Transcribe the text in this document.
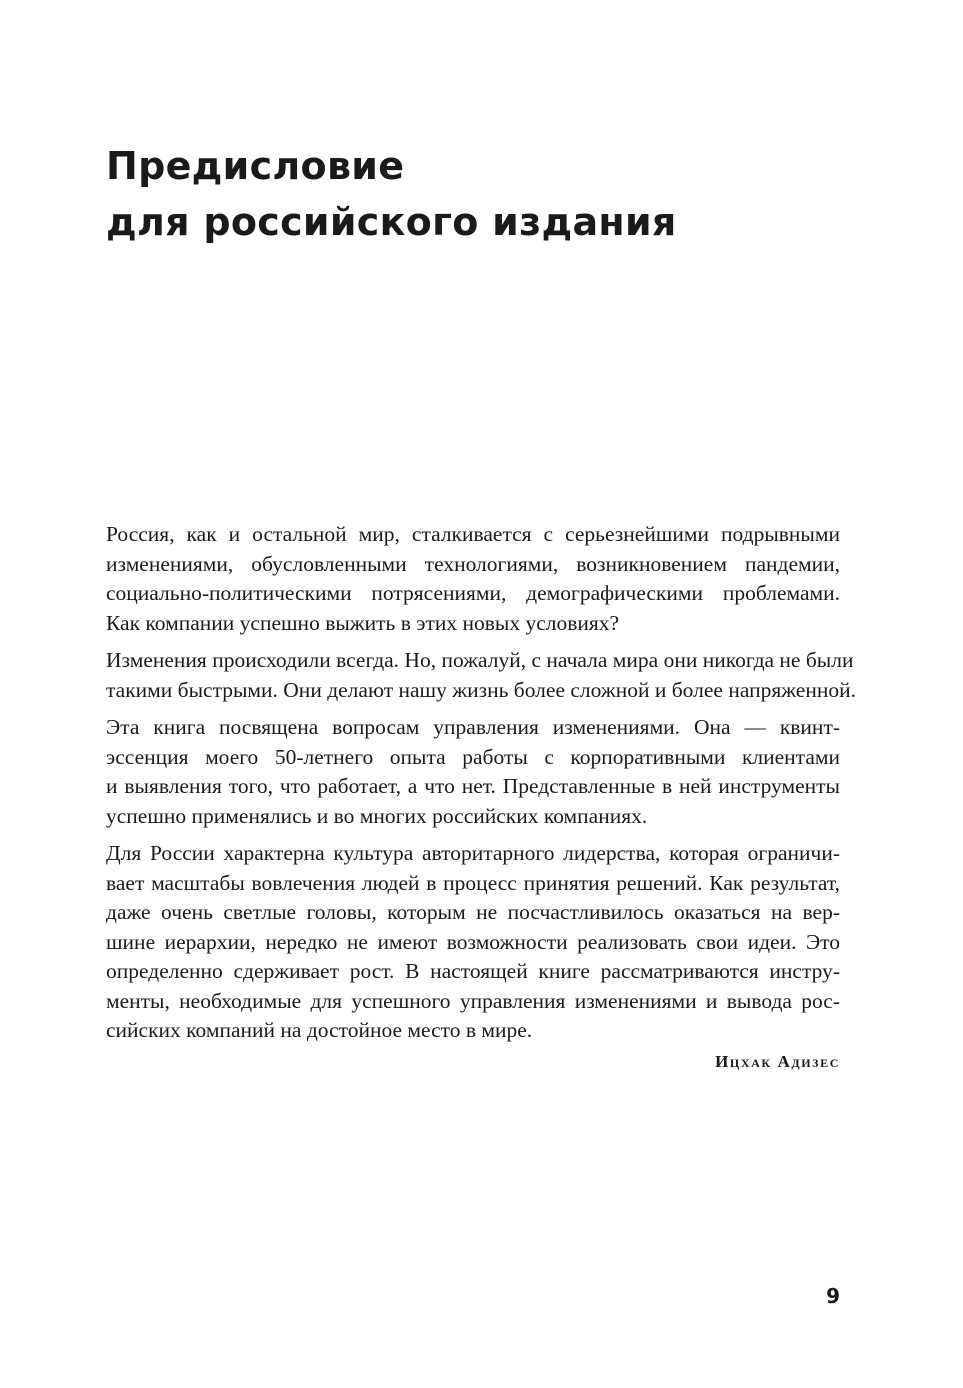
Предисловие
для российского издания

Россия, как и остальной мир, сталкивается с серьезнейшими подрывными
изменениями, обусловленными технологиями, возникновением пандемии,
социально-политическими потрясениями, демографическими проблемами.
Как компании успешно выжить в этих новых условиях?

Изменения происходили всегда. Но, пожалуй, с начала мира они никогда не были
такими быстрыми. Они делают нашу жизнь более сложной и более напряженной.

Эта книга посвящена вопросам управления изменениями. Она — квинт-
эссенция моего 50-летнего опыта работы с корпоративными клиентами
и выявления того, что работает, а что нет. Представленные в ней инструменты
успешно применялись и во многих российских компаниях.

Для России характерна культура авторитарного лидерства, которая ограничи-
вает масштабы вовлечения людей в процесс принятия решений. Как результат,
даже очень светлые головы, которым не посчастливилось оказаться на вер-
шине иерархии, нередко не имеют возможности реализовать свои идеи. Это
определенно сдерживает рост. В настоящей книге рассматриваются инстру-
менты, необходимые для успешного управления изменениями и вывода рос-
сийских компаний на достойное место в мире.

Ицхак Адизес
9
